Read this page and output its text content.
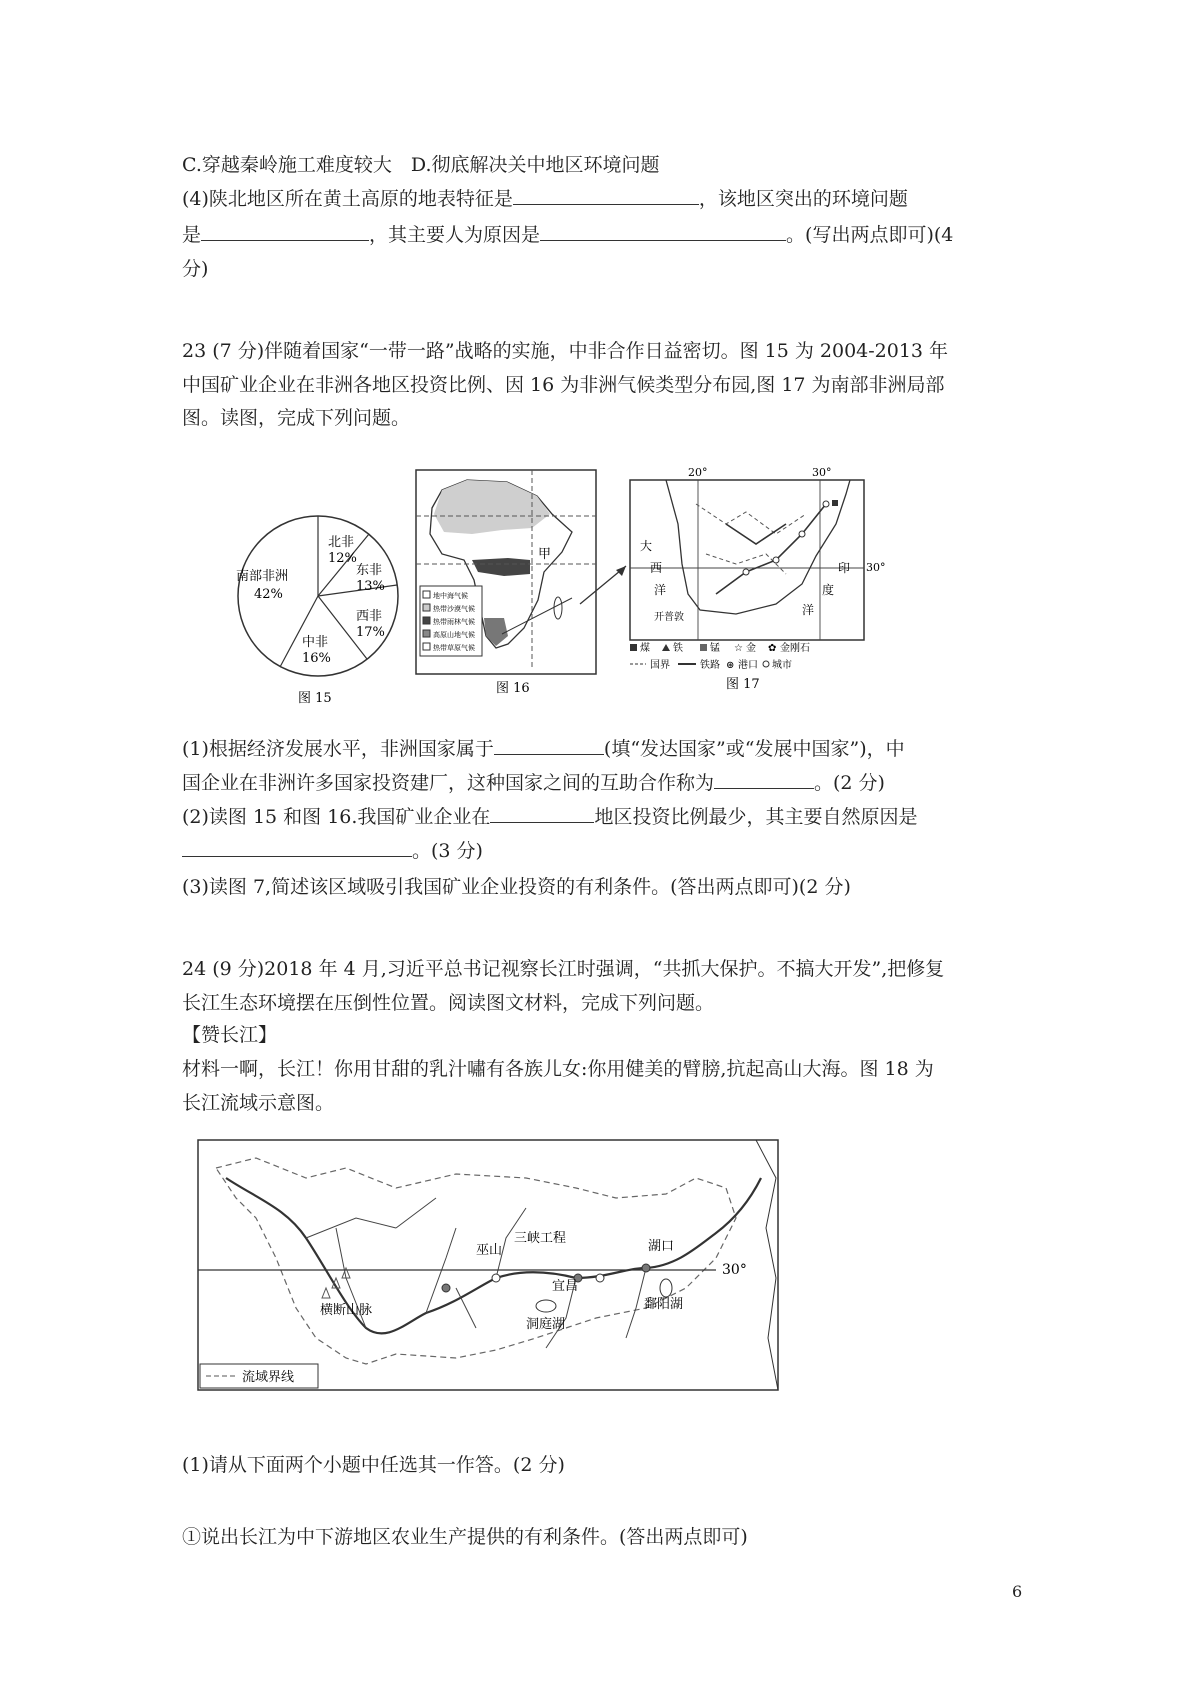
C.穿越秦岭施工难度较大　D.彻底解决关中地区环境问题
(4)陕北地区所在黄土高原的地表特征是	，该地区突出的环境问题
是	，其主要人为原因是	。(写出两点即可)(4
分)
23 (7 分)伴随着国家“一带一路”战略的实施，中非合作日益密切。图 15 为 2004-2013 年
中国矿业企业在非洲各地区投资比例、因 16 为非洲气候类型分布园,图 17 为南部非洲局部
图。读图，完成下列问题。
北非
12%
东非
13%
西非
17%
中非
16%
南部非洲
42%
图 15
甲
地中海气候
热带沙漠气候
热带雨林气候
高原山地气候
热带草原气候
图 16
20°	30°
30°
大
西
洋
印
度
洋
开普敦
煤 铁	锰 ☆ 金 ✿ 金刚石
国界	铁路 ⊛ 港口 城市
图 17
(1)根据经济发展水平，非洲国家属于	(填“发达国家”或“发展中国家”)，中
国企业在非洲许多国家投资建厂，这种国家之间的互助合作称为	。(2 分)
(2)读图 15 和图 16.我国矿业企业在	地区投资比例最少，其主要自然原因是
。(3 分)
(3)读图 7,简述该区域吸引我国矿业企业投资的有利条件。(答出两点即可)(2 分)
24 (9 分)2018 年 4 月,习近平总书记视察长江时强调，“共抓大保护。不搞大开发”,把修复
长江生态环境摆在压倒性位置。阅读图文材料，完成下列问题。
【赞长江】
材料一啊，长江！你用甘甜的乳汁嘯有各族儿女:你用健美的臂膀,抗起高山大海。图 18 为
长江流域示意图。
30°
巫山
三峡工程
宜昌
洞庭湖
湖口
鄱阳湖
横断山脉
流域界线
(1)请从下面两个小题中任选其一作答。(2 分)
①说出长江为中下游地区农业生产提供的有利条件。(答出两点即可)
6
